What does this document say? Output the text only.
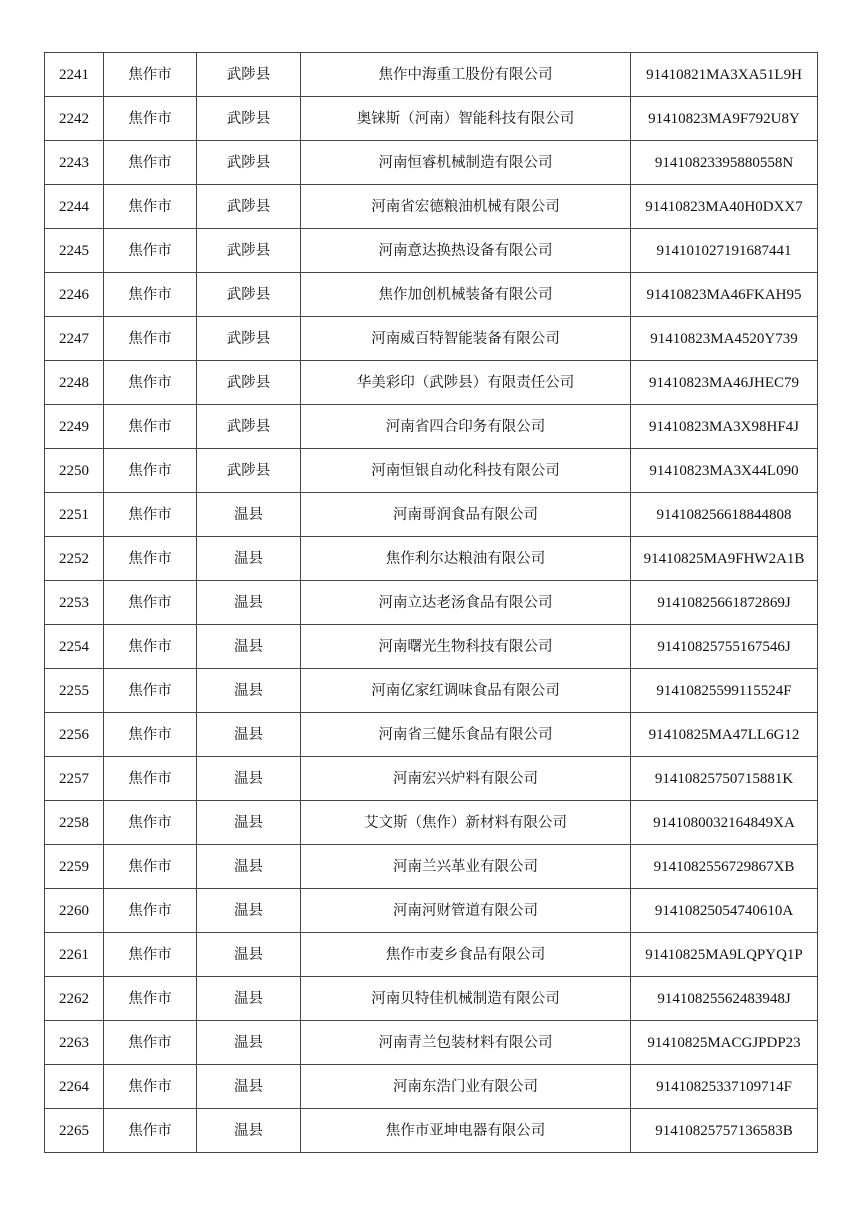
2241	焦作市	武陟县	焦作中海重工股份有限公司	91410821MA3XA51L9H
2242	焦作市	武陟县	奥铼斯（河南）智能科技有限公司	91410823MA9F792U8Y
2243	焦作市	武陟县	河南恒睿机械制造有限公司	91410823395880558N
2244	焦作市	武陟县	河南省宏德粮油机械有限公司	91410823MA40H0DXX7
2245	焦作市	武陟县	河南意达换热设备有限公司	914101027191687441
2246	焦作市	武陟县	焦作加创机械装备有限公司	91410823MA46FKAH95
2247	焦作市	武陟县	河南威百特智能装备有限公司	91410823MA4520Y739
2248	焦作市	武陟县	华美彩印（武陟县）有限责任公司	91410823MA46JHEC79
2249	焦作市	武陟县	河南省四合印务有限公司	91410823MA3X98HF4J
2250	焦作市	武陟县	河南恒银自动化科技有限公司	91410823MA3X44L090
2251	焦作市	温县	河南哥润食品有限公司	914108256618844808
2252	焦作市	温县	焦作利尔达粮油有限公司	91410825MA9FHW2A1B
2253	焦作市	温县	河南立达老汤食品有限公司	91410825661872869J
2254	焦作市	温县	河南曙光生物科技有限公司	91410825755167546J
2255	焦作市	温县	河南亿家红调味食品有限公司	91410825599115524F
2256	焦作市	温县	河南省三健乐食品有限公司	91410825MA47LL6G12
2257	焦作市	温县	河南宏兴炉料有限公司	91410825750715881K
2258	焦作市	温县	艾文斯（焦作）新材料有限公司	9141080032164849XA
2259	焦作市	温县	河南兰兴革业有限公司	9141082556729867XB
2260	焦作市	温县	河南河财管道有限公司	91410825054740610A
2261	焦作市	温县	焦作市麦乡食品有限公司	91410825MA9LQPYQ1P
2262	焦作市	温县	河南贝特佳机械制造有限公司	91410825562483948J
2263	焦作市	温县	河南青兰包装材料有限公司	91410825MACGJPDP23
2264	焦作市	温县	河南东浩门业有限公司	91410825337109714F
2265	焦作市	温县	焦作市亚坤电器有限公司	91410825757136583B
